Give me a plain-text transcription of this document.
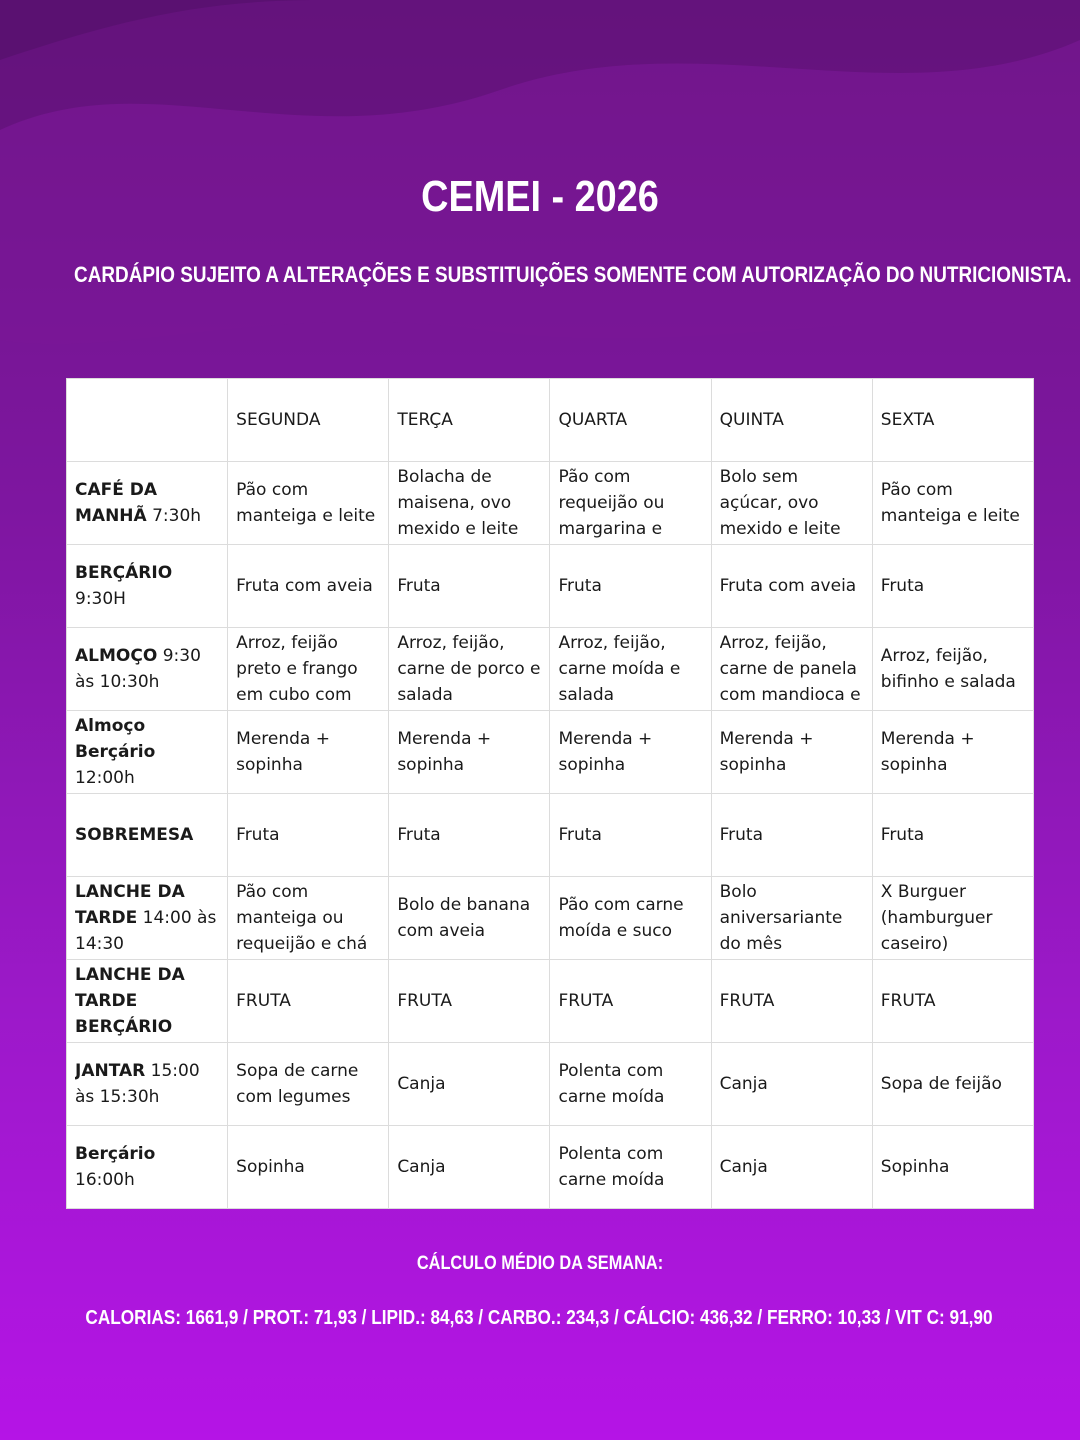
CEMEI - 2026
CARDÁPIO SUJEITO A ALTERAÇÕES E SUBSTITUIÇÕES SOMENTE COM AUTORIZAÇÃO DO NUTRICIONISTA.
	SEGUNDA	TERÇA	QUARTA	QUINTA	SEXTA

CAFÉ DA MANHÃ 7:30h	Pão com manteiga e leite	Bolacha de maisena, ovo mexido e leite	Pão com requeijão ou margarina e	Bolo sem açúcar, ovo mexido e leite	Pão com manteiga e leite

BERÇÁRIO 9:30H	Fruta com aveia	Fruta	Fruta	Fruta com aveia	Fruta

ALMOÇO 9:30 às 10:30h	Arroz, feijão preto e frango em cubo com	Arroz, feijão, carne de porco e salada	Arroz, feijão, carne moída e salada	Arroz, feijão, carne de panela com mandioca e	Arroz, feijão, bifinho e salada

Almoço Berçário 12:00h	Merenda + sopinha	Merenda + sopinha	Merenda + sopinha	Merenda + sopinha	Merenda + sopinha

SOBREMESA	Fruta	Fruta	Fruta	Fruta	Fruta

LANCHE DA TARDE 14:00 às 14:30	Pão com manteiga ou requeijão e chá	Bolo de banana com aveia	Pão com carne moída e suco	Bolo aniversariante do mês	X Burguer (hamburguer caseiro)

LANCHE DA TARDE BERÇÁRIO	FRUTA	FRUTA	FRUTA	FRUTA	FRUTA

JANTAR 15:00 às 15:30h	Sopa de carne com legumes	Canja	Polenta com carne moída	Canja	Sopa de feijão

Berçário 16:00h	Sopinha	Canja	Polenta com carne moída	Canja	Sopinha
CÁLCULO MÉDIO DA SEMANA:
CALORIAS: 1661,9 / PROT.: 71,93 / LIPID.: 84,63 / CARBO.: 234,3 / CÁLCIO: 436,32 / FERRO: 10,33 / VIT C: 91,90
